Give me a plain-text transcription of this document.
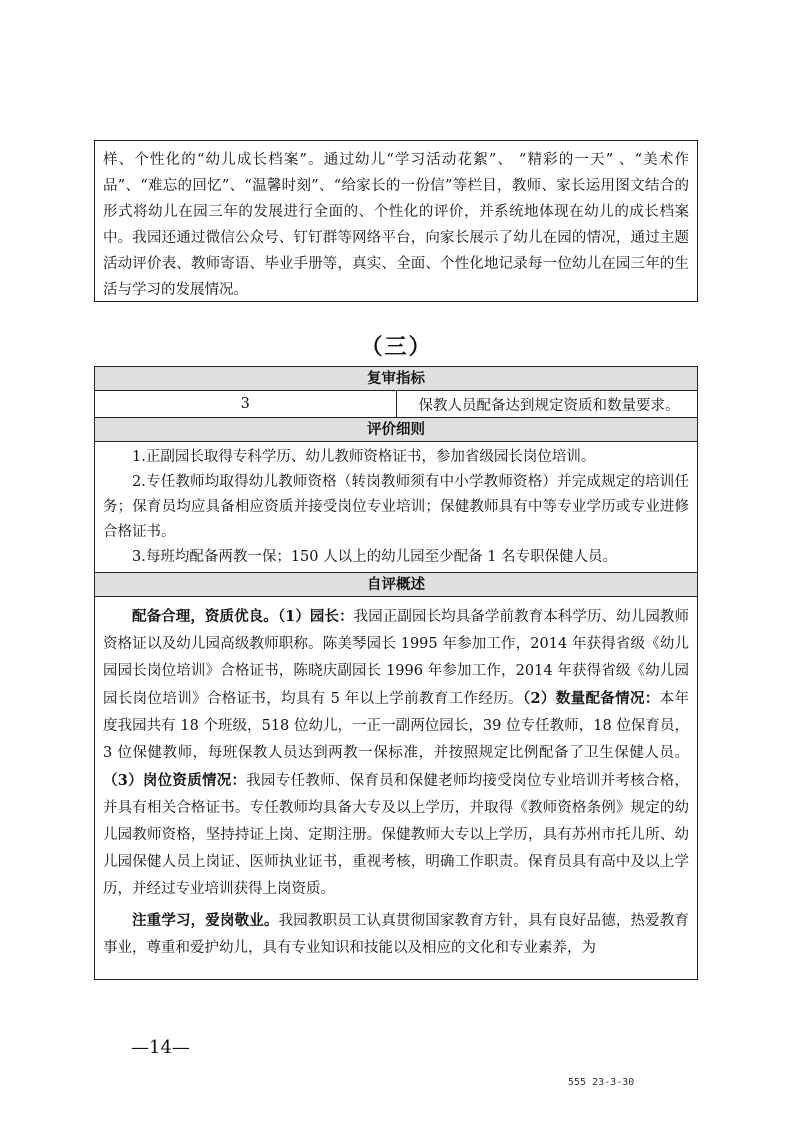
样、个性化的“幼儿成长档案”。通过幼儿“学习活动花絮”、 “精彩的一天” 、“美术作品”、“难忘的回忆”、“温馨时刻”、“给家长的一份信”等栏目，教师、家长运用图文结合的形式将幼儿在园三年的发展进行全面的、个性化的评价，并系统地体现在幼儿的成长档案中。我园还通过微信公众号、钉钉群等网络平台，向家长展示了幼儿在园的情况，通过主题活动评价表、教师寄语、毕业手册等，真实、全面、个性化地记录每一位幼儿在园三年的生活与学习的发展情况。
（三）
复审指标
3	保教人员配备达到规定资质和数量要求。
评价细则

1.正副园长取得专科学历、幼儿教师资格证书，参加省级园长岗位培训。

2.专任教师均取得幼儿教师资格（转岗教师须有中小学教师资格）并完成规定的培训任务；保育员均应具备相应资质并接受岗位专业培训；保健教师具有中等专业学历或专业进修合格证书。

3.每班均配备两教一保；150 人以上的幼儿园至少配备 1 名专职保健人员。

自评概述

配备合理，资质优良。（1）园长：我园正副园长均具备学前教育本科学历、幼儿园教师资格证以及幼儿园高级教师职称。陈美琴园长 1995 年参加工作，2014 年获得省级《幼儿园园长岗位培训》合格证书，陈晓庆副园长 1996 年参加工作，2014 年获得省级《幼儿园园长岗位培训》合格证书，均具有 5 年以上学前教育工作经历。（2）数量配备情况：本年度我园共有 18 个班级，518 位幼儿，一正一副两位园长，39 位专任教师，18 位保育员，3 位保健教师，每班保教人员达到两教一保标准，并按照规定比例配备了卫生保健人员。（3）岗位资质情况：我园专任教师、保育员和保健老师均接受岗位专业培训并考核合格，并具有相关合格证书。专任教师均具备大专及以上学历，并取得《教师资格条例》规定的幼儿园教师资格，坚持持证上岗、定期注册。保健教师大专以上学历，具有苏州市托儿所、幼儿园保健人员上岗证、医师执业证书，重视考核，明确工作职责。保育员具有高中及以上学历，并经过专业培训获得上岗资质。

注重学习，爱岗敬业。我园教职员工认真贯彻国家教育方针，具有良好品德，热爱教育事业，尊重和爱护幼儿，具有专业知识和技能以及相应的文化和专业素养，为

—14—
555 23-3-30
